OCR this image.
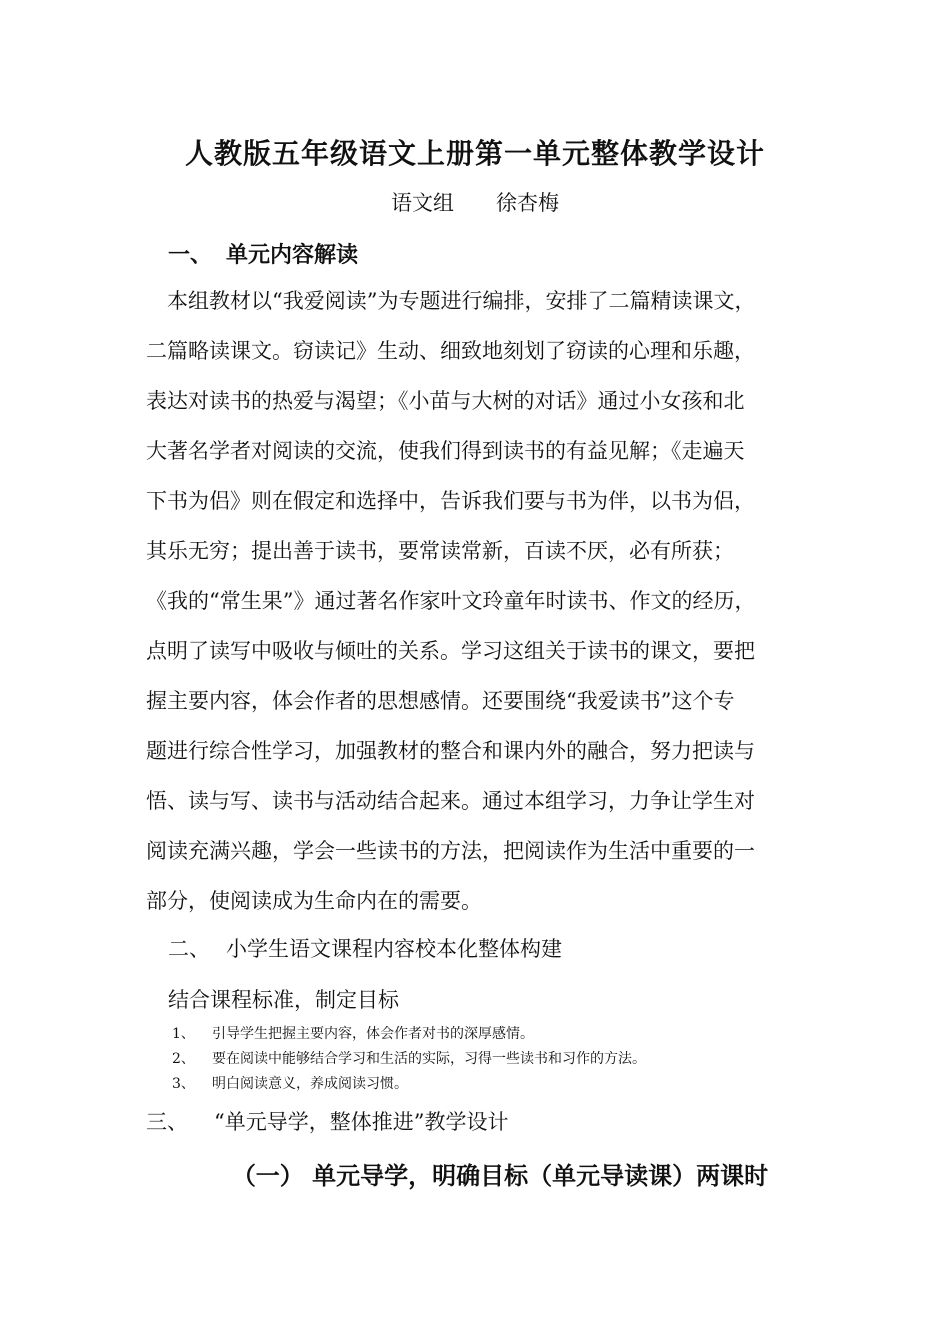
人教版五年级语文上册第一单元整体教学设计
语文组　　徐杏梅
一、 单元内容解读
　本组教材以“我爱阅读”为专题进行编排，安排了二篇精读课文，
二篇略读课文。窃读记》生动、细致地刻划了窃读的心理和乐趣，
表达对读书的热爱与渴望；《小苗与大树的对话》通过小女孩和北
大著名学者对阅读的交流，使我们得到读书的有益见解；《走遍天
下书为侣》则在假定和选择中，告诉我们要与书为伴，以书为侣，
其乐无穷；提出善于读书，要常读常新，百读不厌，必有所获；
《我的“常生果”》通过著名作家叶文玲童年时读书、作文的经历，
点明了读写中吸收与倾吐的关系。学习这组关于读书的课文，要把
握主要内容，体会作者的思想感情。还要围绕“我爱读书”这个专
题进行综合性学习，加强教材的整合和课内外的融合，努力把读与
悟、读与写、读书与活动结合起来。通过本组学习，力争让学生对
阅读充满兴趣，学会一些读书的方法，把阅读作为生活中重要的一
部分，使阅读成为生命内在的需要。
二、 小学生语文课程内容校本化整体构建
结合课程标准，制定目标
1、 引导学生把握主要内容，体会作者对书的深厚感情。
2、 要在阅读中能够结合学习和生活的实际，习得一些读书和习作的方法。
3、 明白阅读意义，养成阅读习惯。
三、 “单元导学，整体推进”教学设计
（一） 单元导学，明确目标（单元导读课）两课时
